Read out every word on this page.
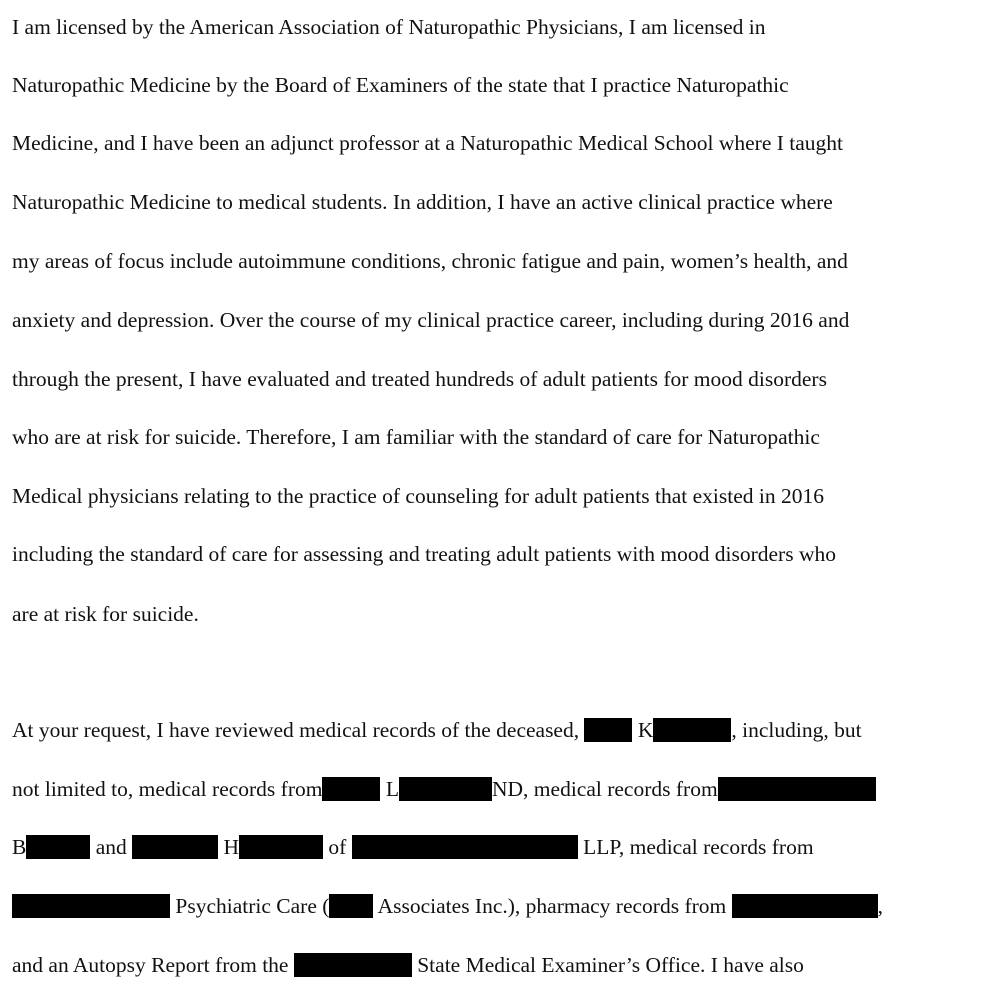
I am licensed by the American Association of Naturopathic Physicians, I am licensed in
Naturopathic Medicine by the Board of Examiners of the state that I practice Naturopathic
Medicine, and I have been an adjunct professor at a Naturopathic Medical School where I taught
Naturopathic Medicine to medical students. In addition, I have an active clinical practice where
my areas of focus include autoimmune conditions, chronic fatigue and pain, women’s health, and
anxiety and depression. Over the course of my clinical practice career, including during 2016 and
through the present, I have evaluated and treated hundreds of adult patients for mood disorders
who are at risk for suicide. Therefore, I am familiar with the standard of care for Naturopathic
Medical physicians relating to the practice of counseling for adult patients that existed in 2016
including the standard of care for assessing and treating adult patients with mood disorders who
are at risk for suicide.
At your request, I have reviewed medical records of the deceased,	K	, including, but
not limited to, medical records from	L	ND, medical records from
B	and	H	of	LLP, medical records from
Psychiatric Care ( Associates Inc.), pharmacy records from	,
and an Autopsy Report from the	State Medical Examiner’s Office. I have also
